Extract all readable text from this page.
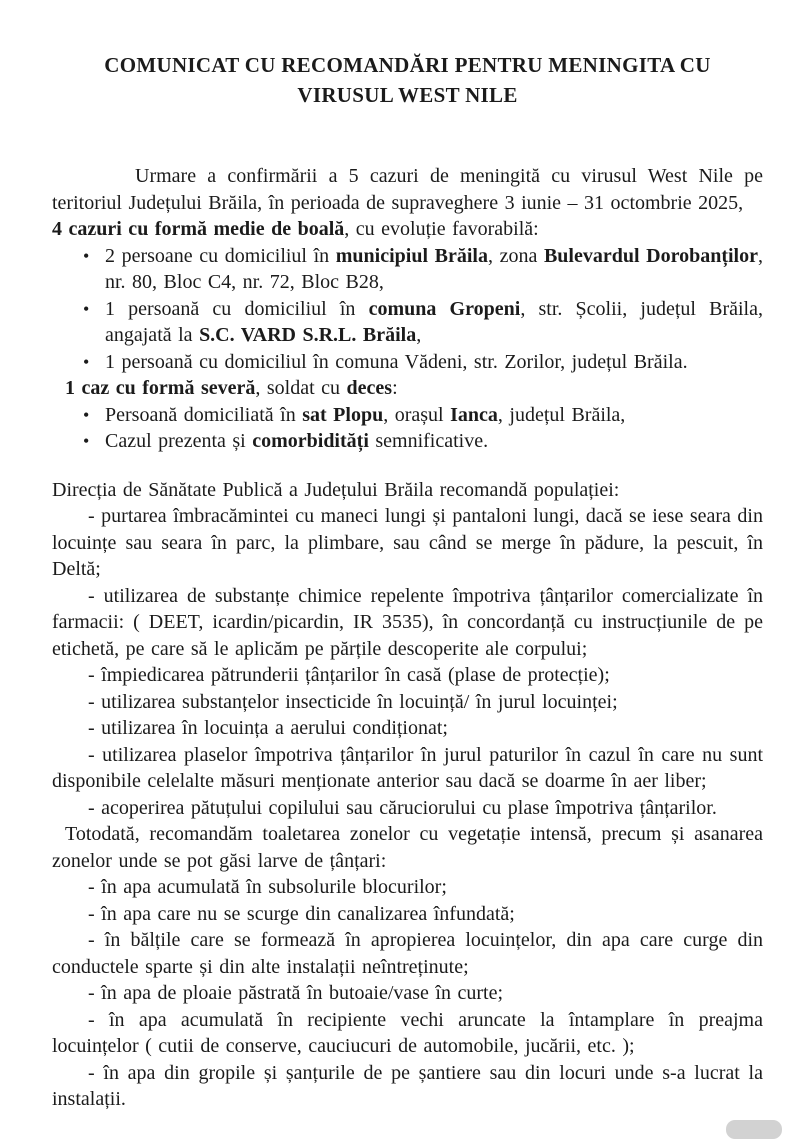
COMUNICAT CU RECOMANDĂRI PENTRU MENINGITA CU
VIRUSUL WEST NILE
Urmare a confirmării a 5 cazuri de meningită cu virusul West Nile pe teritoriul Județului Brăila, în perioada de supraveghere 3 iunie – 31 octombrie 2025,
4 cazuri cu formă medie de boală, cu evoluție favorabilă:
• 2 persoane cu domiciliul în municipiul Brăila, zona Bulevardul Dorobanților, nr. 80, Bloc C4, nr. 72, Bloc B28,
• 1 persoană cu domiciliul în comuna Gropeni, str. Școlii, județul Brăila, angajată la S.C. VARD S.R.L. Brăila,
• 1 persoană cu domiciliul în comuna Vădeni, str. Zorilor, județul Brăila.
1 caz cu formă severă, soldat cu deces:
• Persoană domiciliată în sat Plopu, orașul Ianca, județul Brăila,
• Cazul prezenta și comorbidități semnificative.
Direcția de Sănătate Publică a Județului Brăila recomandă populației:
- purtarea îmbracămintei cu maneci lungi și pantaloni lungi, dacă se iese seara din locuințe sau seara în parc, la plimbare, sau când se merge în pădure, la pescuit, în Deltă;
- utilizarea de substanțe chimice repelente împotriva țânțarilor comercializate în farmacii: ( DEET, icardin/picardin, IR 3535), în concordanță cu instrucțiunile de pe etichetă, pe care să le aplicăm pe părțile descoperite ale corpului;
- împiedicarea pătrunderii țânțarilor în casă (plase de protecție);
- utilizarea substanțelor insecticide în locuință/ în jurul locuinței;
- utilizarea în locuința a aerului condiționat;
- utilizarea plaselor împotriva țânțarilor în jurul paturilor în cazul în care nu sunt disponibile celelalte măsuri menționate anterior sau dacă se doarme în aer liber;
- acoperirea pătuțului copilului sau căruciorului cu plase împotriva țânțarilor.
Totodată, recomandăm toaletarea zonelor cu vegetație intensă, precum și asanarea zonelor unde se pot găsi larve de țânțari:
- în apa acumulată în subsolurile blocurilor;
- în apa care nu se scurge din canalizarea înfundată;
- în bălțile care se formează în apropierea locuințelor, din apa care curge din conductele sparte și din alte instalații neîntreținute;
- în apa de ploaie păstrată în butoaie/vase în curte;
- în apa acumulată în recipiente vechi aruncate la întamplare în preajma locuințelor ( cutii de conserve, cauciucuri de automobile, jucării, etc. );
- în apa din gropile și șanțurile de pe șantiere sau din locuri unde s-a lucrat la instalații.
